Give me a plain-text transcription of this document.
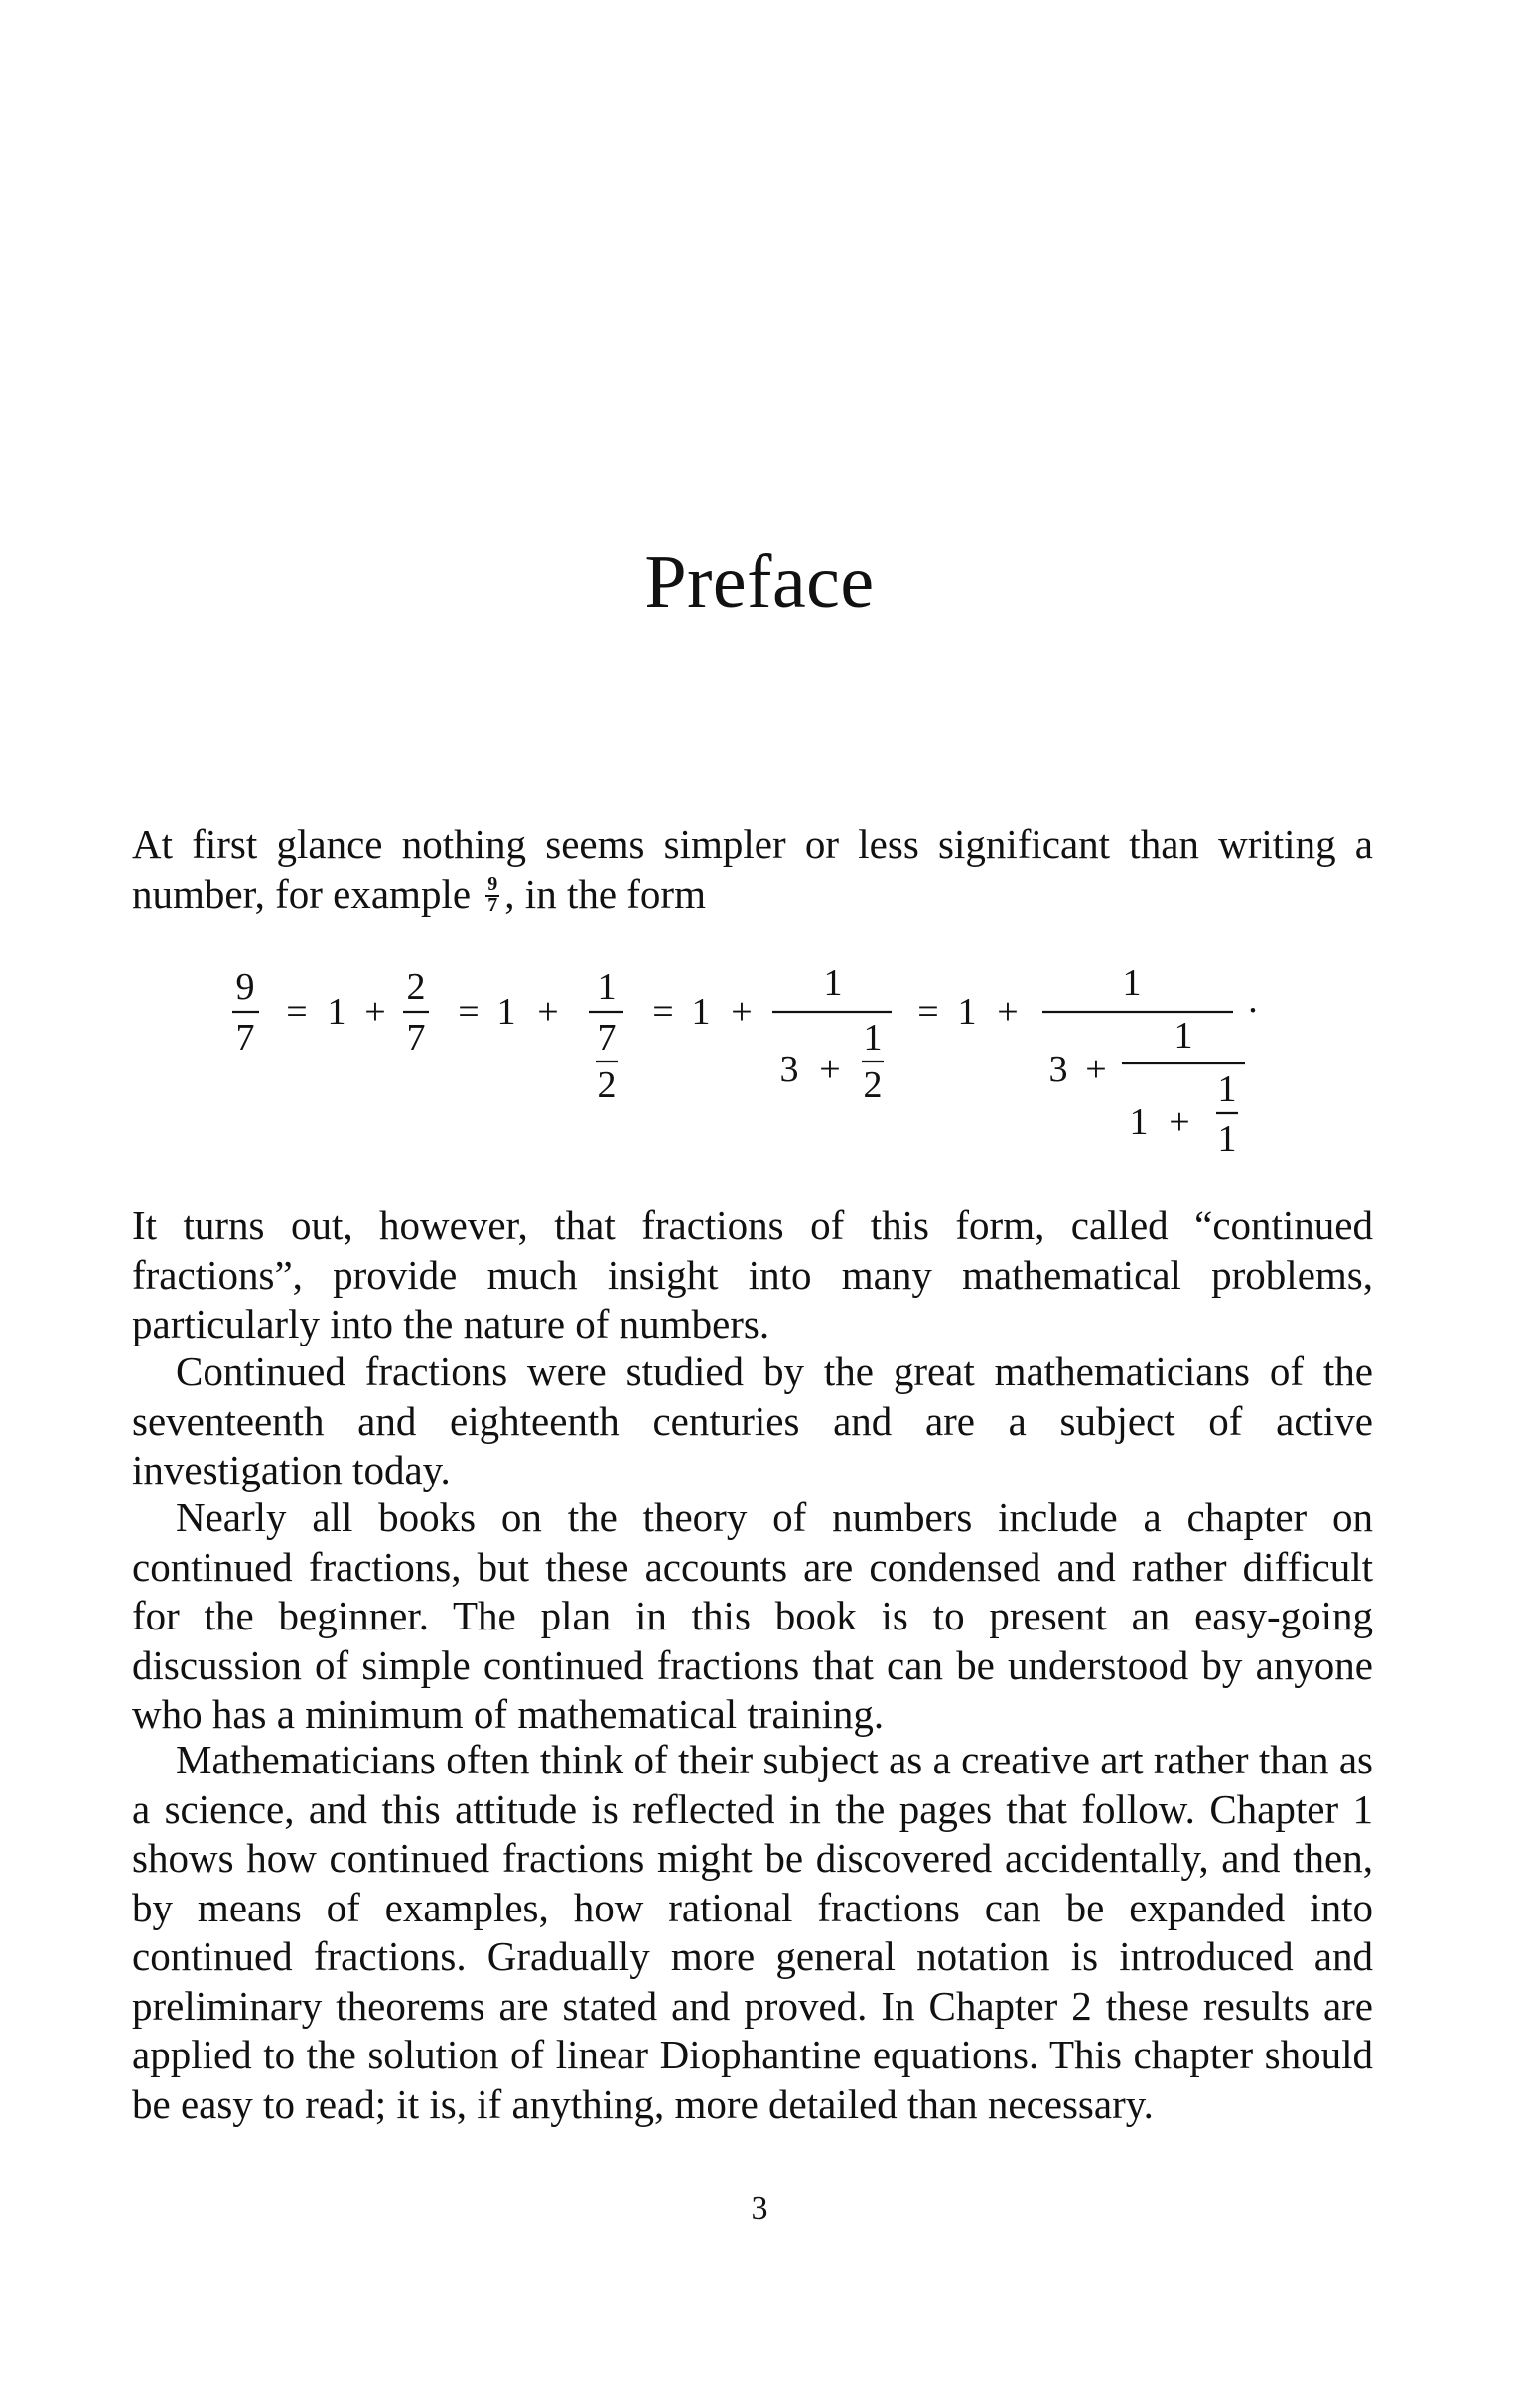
Preface

At first glance nothing seems simpler or less significant than writing a number, for example $\frac{9}{7}$ , in the form

9
7
= 1 +
2
7
= 1 +
1
7
2
= 1 +
1
3 +
1
2
= 1 +
1
3 +
1
1 +
1
1
·

It turns out, however, that fractions of this form, called “continued fractions”, provide much insight into many mathematical problems, particularly into the nature of numbers.

Continued fractions were studied by the great mathematicians of the seventeenth and eighteenth centuries and are a subject of active investigation today.

Nearly all books on the theory of numbers include a chapter on continued fractions, but these accounts are condensed and rather difficult for the beginner. The plan in this book is to present an easy-going discussion of simple continued fractions that can be understood by anyone who has a minimum of mathematical training.

Mathematicians often think of their subject as a creative art rather than as a science, and this attitude is reflected in the pages that follow. Chapter 1 shows how continued fractions might be discovered accidentally, and then, by means of examples, how rational fractions can be expanded into continued fractions. Gradually more general notation is introduced and preliminary theorems are stated and proved. In Chapter 2 these results are applied to the solution of linear Diophantine equations. This chapter should be easy to read; it is, if anything, more detailed than necessary.

3
